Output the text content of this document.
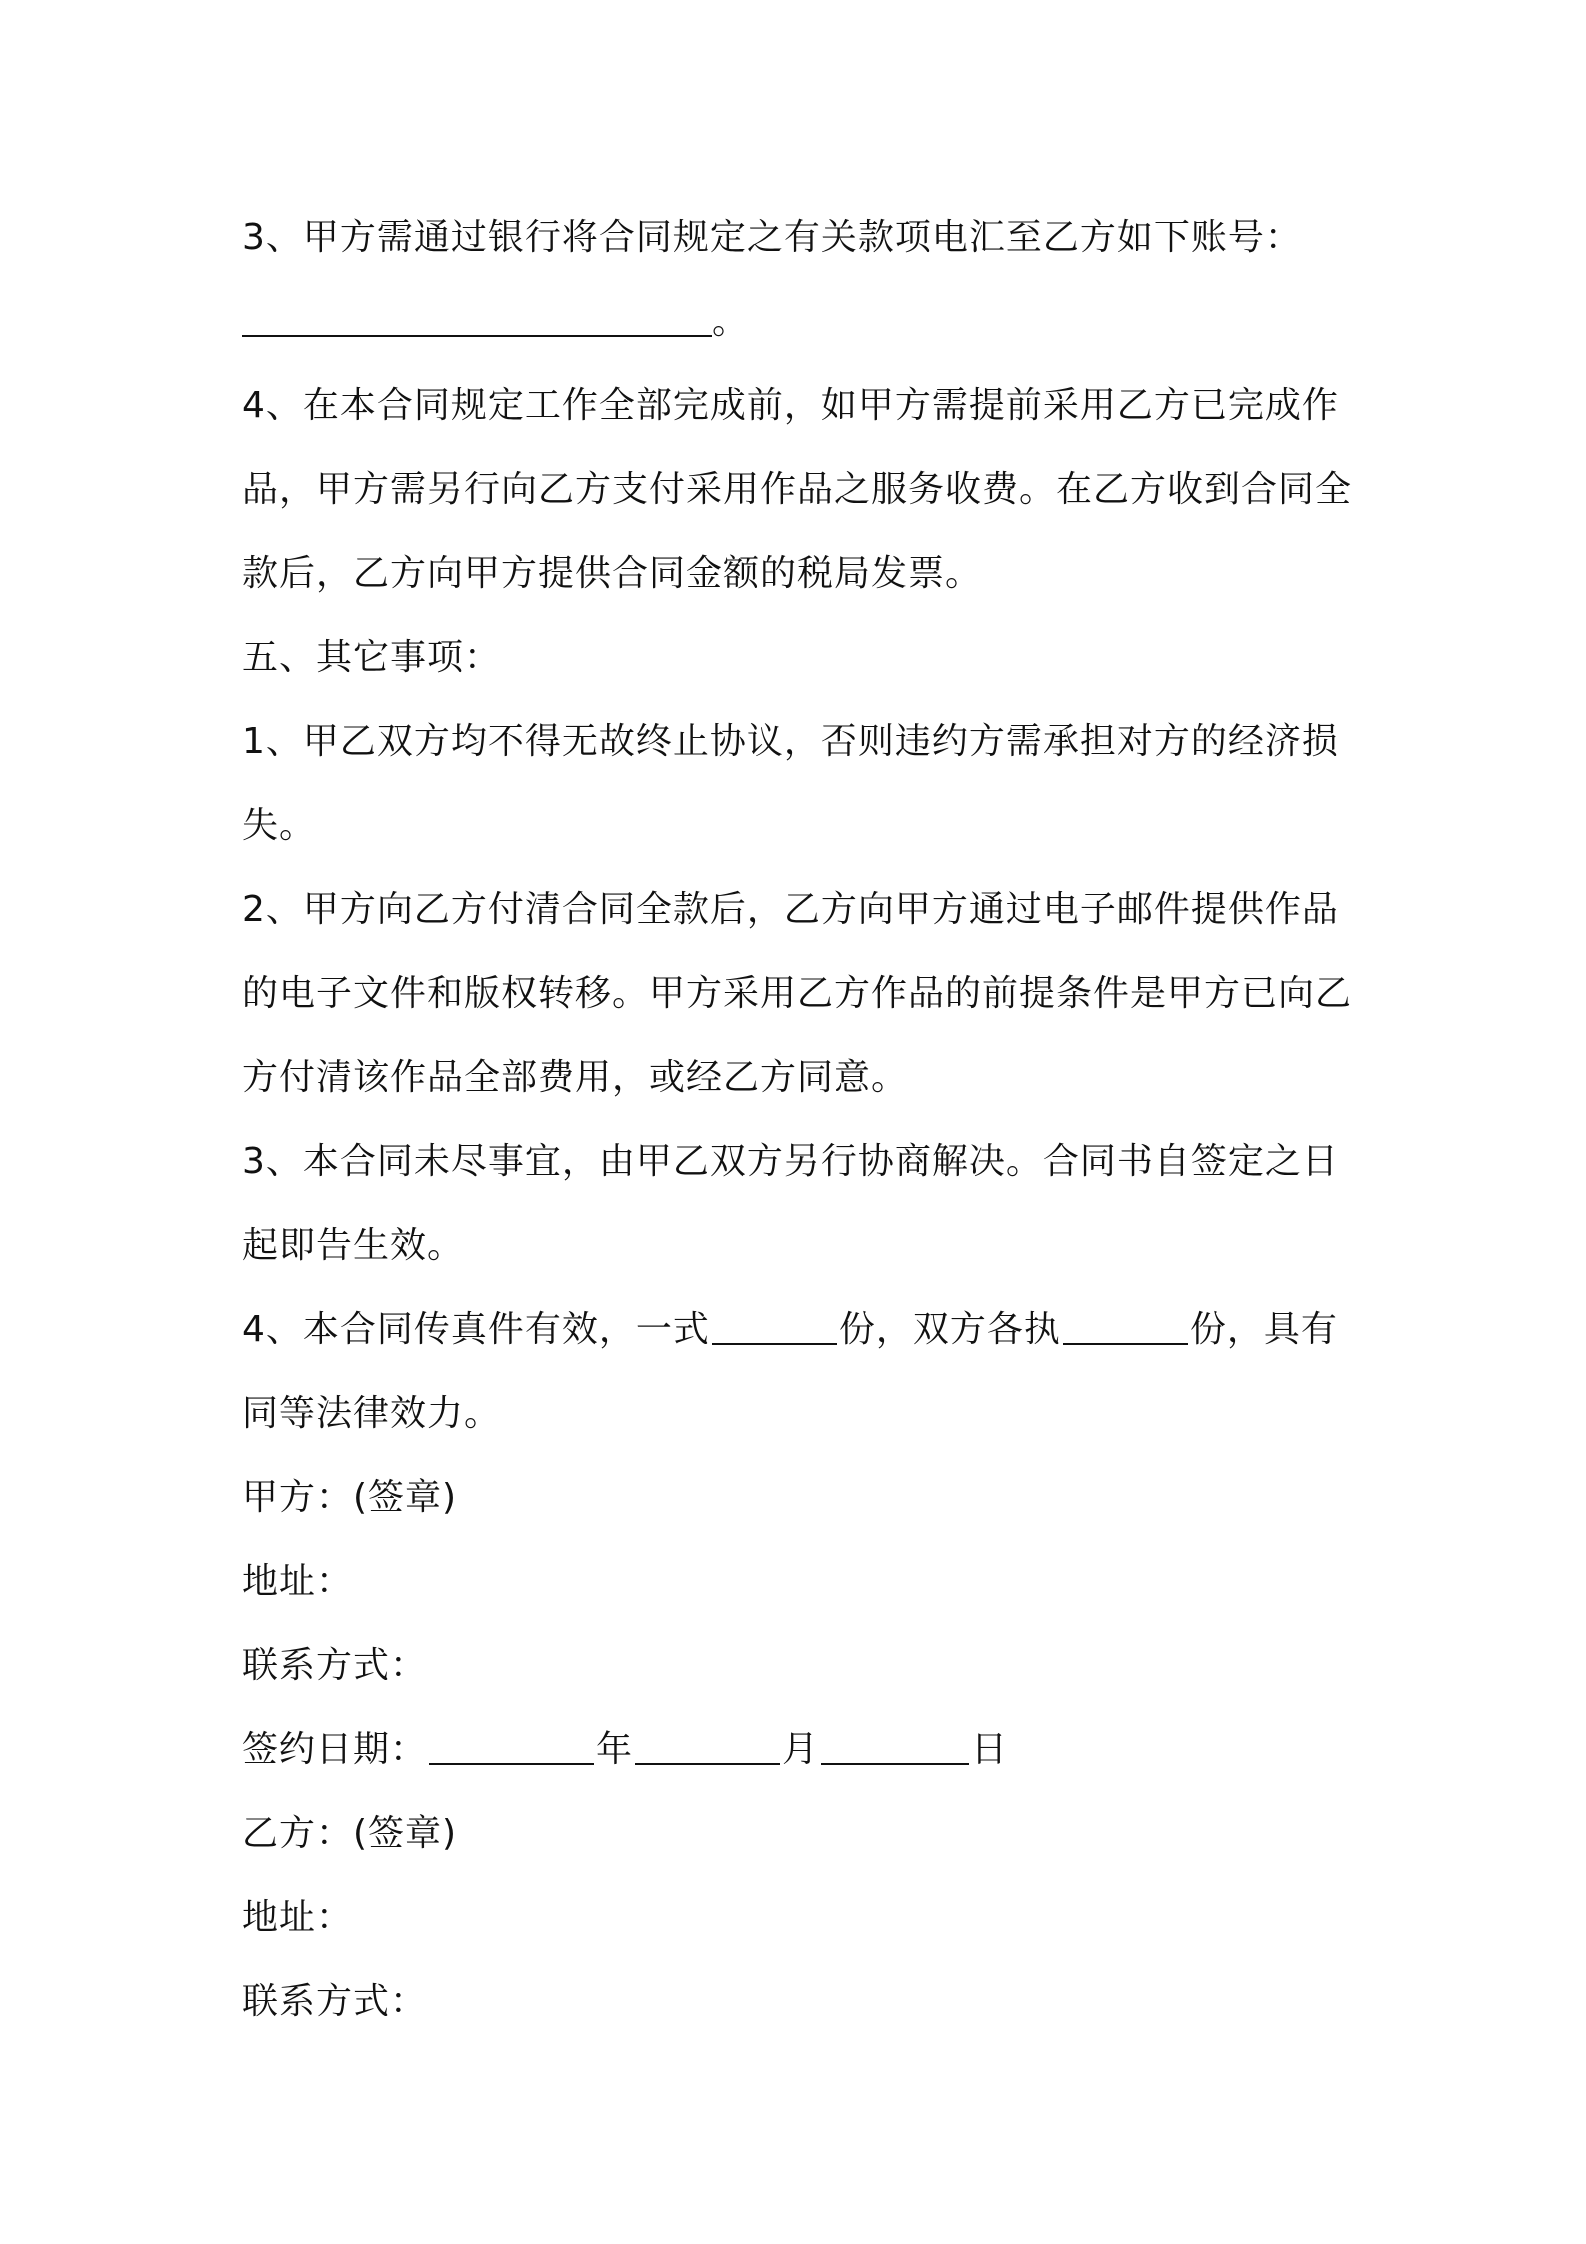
3、甲方需通过银行将合同规定之有关款项电汇至乙方如下账号：
。
4、在本合同规定工作全部完成前，如甲方需提前采用乙方已完成作
品，甲方需另行向乙方支付采用作品之服务收费。在乙方收到合同全
款后，乙方向甲方提供合同金额的税局发票。
五、其它事项：
1、甲乙双方均不得无故终止协议，否则违约方需承担对方的经济损
失。
2、甲方向乙方付清合同全款后，乙方向甲方通过电子邮件提供作品
的电子文件和版权转移。甲方采用乙方作品的前提条件是甲方已向乙
方付清该作品全部费用，或经乙方同意。
3、本合同未尽事宜，由甲乙双方另行协商解决。合同书自签定之日
起即告生效。
4、本合同传真件有效，一式	份，双方各执	份，具有
同等法律效力。
甲方：(签章)
地址：
联系方式：
签约日期：	年	月	日
乙方：(签章)
地址：
联系方式：
